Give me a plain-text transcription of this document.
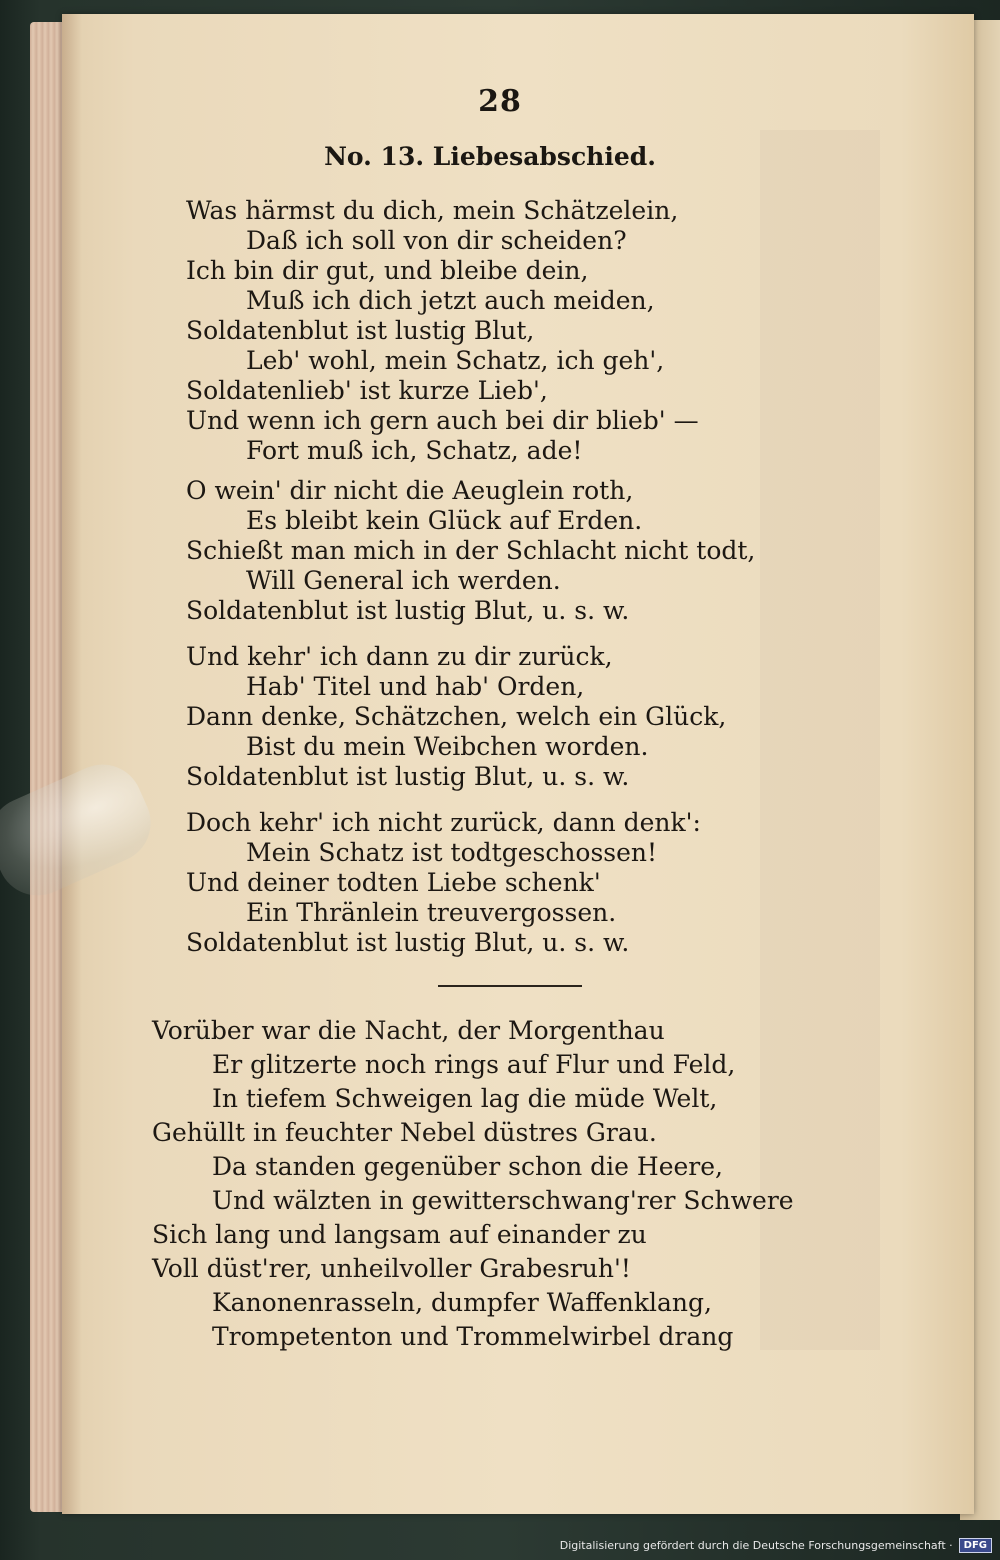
28
No. 13. Liebesabschied.
Was härmst du dich, mein Schätzelein,
Daß ich soll von dir scheiden?
Ich bin dir gut, und bleibe dein,
Muß ich dich jetzt auch meiden,
Soldatenblut ist lustig Blut,
Leb' wohl, mein Schatz, ich geh',
Soldatenlieb' ist kurze Lieb',
Und wenn ich gern auch bei dir blieb' —
Fort muß ich, Schatz, ade!
O wein' dir nicht die Aeuglein roth,
Es bleibt kein Glück auf Erden.
Schießt man mich in der Schlacht nicht todt,
Will General ich werden.
Soldatenblut ist lustig Blut, u. s. w.
Und kehr' ich dann zu dir zurück,
Hab' Titel und hab' Orden,
Dann denke, Schätzchen, welch ein Glück,
Bist du mein Weibchen worden.
Soldatenblut ist lustig Blut, u. s. w.
Doch kehr' ich nicht zurück, dann denk':
Mein Schatz ist todtgeschossen!
Und deiner todten Liebe schenk'
Ein Thränlein treuvergossen.
Soldatenblut ist lustig Blut, u. s. w.
Vorüber war die Nacht, der Morgenthau
Er glitzerte noch rings auf Flur und Feld,
In tiefem Schweigen lag die müde Welt,
Gehüllt in feuchter Nebel düstres Grau.
Da standen gegenüber schon die Heere,
Und wälzten in gewitterschwang'rer Schwere
Sich lang und langsam auf einander zu
Voll düst'rer, unheilvoller Grabesruh'!
Kanonenrasseln, dumpfer Waffenklang,
Trompetenton und Trommelwirbel drang
Digitalisierung gefördert durch die Deutsche Forschungsgemeinschaft ·	DFG
